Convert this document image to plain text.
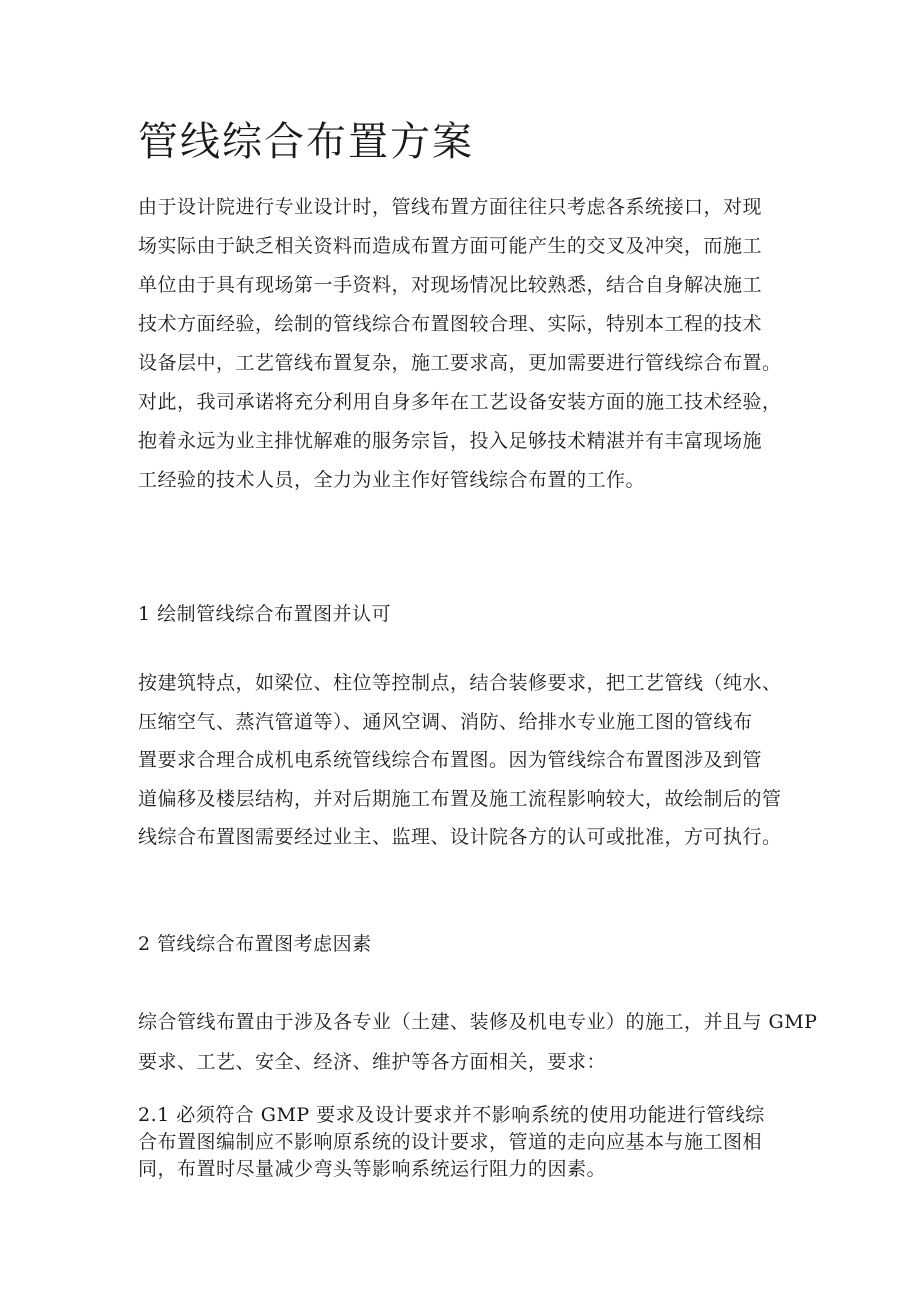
管线综合布置方案

由于设计院进行专业设计时，管线布置方面往往只考虑各系统接口，对现
场实际由于缺乏相关资料而造成布置方面可能产生的交叉及冲突，而施工
单位由于具有现场第一手资料，对现场情况比较熟悉，结合自身解决施工
技术方面经验，绘制的管线综合布置图较合理、实际，特别本工程的技术
设备层中，工艺管线布置复杂，施工要求高，更加需要进行管线综合布置。
对此，我司承诺将充分利用自身多年在工艺设备安装方面的施工技术经验，
抱着永远为业主排忧解难的服务宗旨，投入足够技术精湛并有丰富现场施
工经验的技术人员，全力为业主作好管线综合布置的工作。

1 绘制管线综合布置图并认可

按建筑特点，如梁位、柱位等控制点，结合装修要求，把工艺管线（纯水、
压缩空气、蒸汽管道等）、通风空调、消防、给排水专业施工图的管线布
置要求合理合成机电系统管线综合布置图。因为管线综合布置图涉及到管
道偏移及楼层结构，并对后期施工布置及施工流程影响较大，故绘制后的管
线综合布置图需要经过业主、监理、设计院各方的认可或批准，方可执行。

2 管线综合布置图考虑因素

综合管线布置由于涉及各专业（土建、装修及机电专业）的施工，并且与 GMP
要求、工艺、安全、经济、维护等各方面相关，要求：

2.1 必须符合 GMP 要求及设计要求并不影响系统的使用功能进行管线综
合布置图编制应不影响原系统的设计要求，管道的走向应基本与施工图相
同，布置时尽量减少弯头等影响系统运行阻力的因素。
